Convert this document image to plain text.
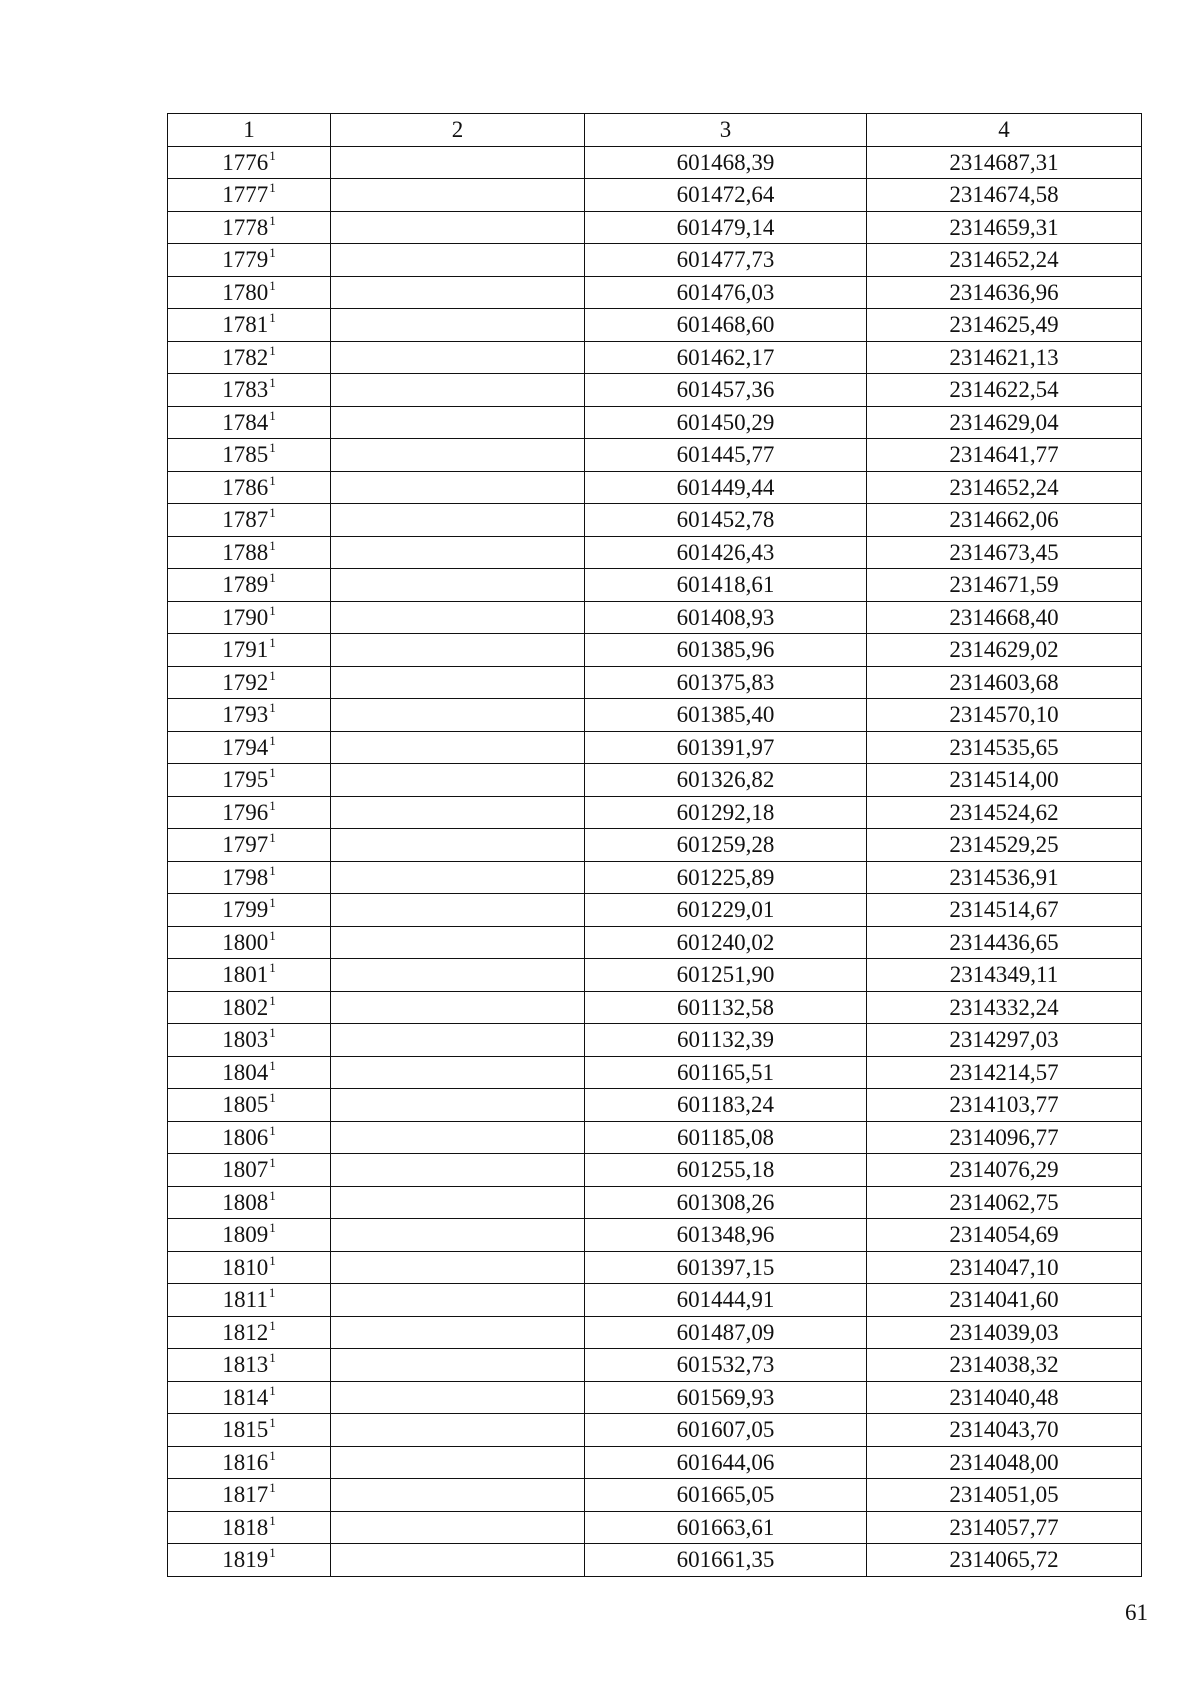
1	2	3	4
1776$^1$		601468,39	2314687,31
1777$^1$		601472,64	2314674,58
1778$^1$		601479,14	2314659,31
1779$^1$		601477,73	2314652,24
1780$^1$		601476,03	2314636,96
1781$^1$		601468,60	2314625,49
1782$^1$		601462,17	2314621,13
1783$^1$		601457,36	2314622,54
1784$^1$		601450,29	2314629,04
1785$^1$		601445,77	2314641,77
1786$^1$		601449,44	2314652,24
1787$^1$		601452,78	2314662,06
1788$^1$		601426,43	2314673,45
1789$^1$		601418,61	2314671,59
1790$^1$		601408,93	2314668,40
1791$^1$		601385,96	2314629,02
1792$^1$		601375,83	2314603,68
1793$^1$		601385,40	2314570,10
1794$^1$		601391,97	2314535,65
1795$^1$		601326,82	2314514,00
1796$^1$		601292,18	2314524,62
1797$^1$		601259,28	2314529,25
1798$^1$		601225,89	2314536,91
1799$^1$		601229,01	2314514,67
1800$^1$		601240,02	2314436,65
1801$^1$		601251,90	2314349,11
1802$^1$		601132,58	2314332,24
1803$^1$		601132,39	2314297,03
1804$^1$		601165,51	2314214,57
1805$^1$		601183,24	2314103,77
1806$^1$		601185,08	2314096,77
1807$^1$		601255,18	2314076,29
1808$^1$		601308,26	2314062,75
1809$^1$		601348,96	2314054,69
1810$^1$		601397,15	2314047,10
1811$^1$		601444,91	2314041,60
1812$^1$		601487,09	2314039,03
1813$^1$		601532,73	2314038,32
1814$^1$		601569,93	2314040,48
1815$^1$		601607,05	2314043,70
1816$^1$		601644,06	2314048,00
1817$^1$		601665,05	2314051,05
1818$^1$		601663,61	2314057,77
1819$^1$		601661,35	2314065,72
61
